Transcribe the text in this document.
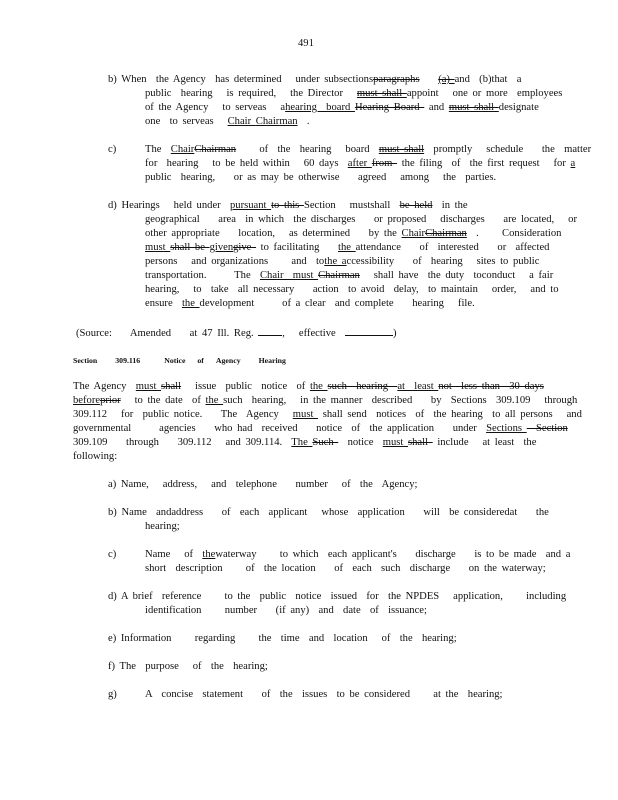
491
b) When  the Agency  has determined   under subsectionsparagraphs (a) and  (b)that  a
public  hearing   is required,   the Director   must shall appoint   one or more  employees
of the Agency   to serveas   ahearing  board Hearing Board  and must shall designate
one  to serveas   Chair Chairman  .
c)	The  ChairChairman     of  the  hearing   board  must shall  promptly   schedule    the  matter
for  hearing   to be held within   60 days  after from  the filing  of  the first request   for a
public  hearing,    or as may be otherwise    agreed   among   the  parties.
d) Hearings   held under  pursuant to this Section   mustshall  be held  in the
geographical    area  in which  the discharges    or proposed   discharges    are located,   or
other appropriate    location,   as determined    by the ChairChairman  .     Consideration
must shall be givengive  to facilitating    the attendance    of  interested    or  affected
persons   and organizations     and  tothe accessibility    of  hearing   sites to public
transportation.      The  Chair  must Chairman   shall have  the duty  toconduct   a fair
hearing,   to  take  all necessary    action  to avoid  delay,  to maintain   order,   and to
ensure  the development      of a clear  and complete    hearing   file.
(Source:    Amended    at 47 Ill. Reg. ,   effective	)
Section 309.116	Notice of Agency Hearing
The Agency  must shall   issue  public  notice  of the such  hearing  at  least not  less than  30 days
beforeprior   to the date  of the such  hearing,   in the manner  described    by  Sections  309.109   through
309.112   for  public notice.    The  Agency   must  shall send  notices  of  the hearing  to all persons   and
governmental      agencies    who had  received    notice  of  the application    under  Sections   Section
309.109    through    309.112   and 309.114.  The Such   notice  must shall  include   at least  the
following:
a) Name,   address,   and  telephone    number   of  the  Agency;
b) Name  andaddress    of  each  applicant   whose  application    will  be consideredat    the
hearing;
c)	Name   of  thewaterway     to which  each applicant's    discharge    is to be made  and a
short  description     of  the location    of  each  such  discharge    on the waterway;
d) A brief  reference     to the  public  notice  issued  for  the NPDES   application,     including
identification     number    (if any)  and  date  of  issuance;
e) Information     regarding     the  time  and  location   of  the  hearing;
f) The  purpose   of  the  hearing;
g)	A  concise  statement    of  the  issues  to be considered     at the  hearing;
